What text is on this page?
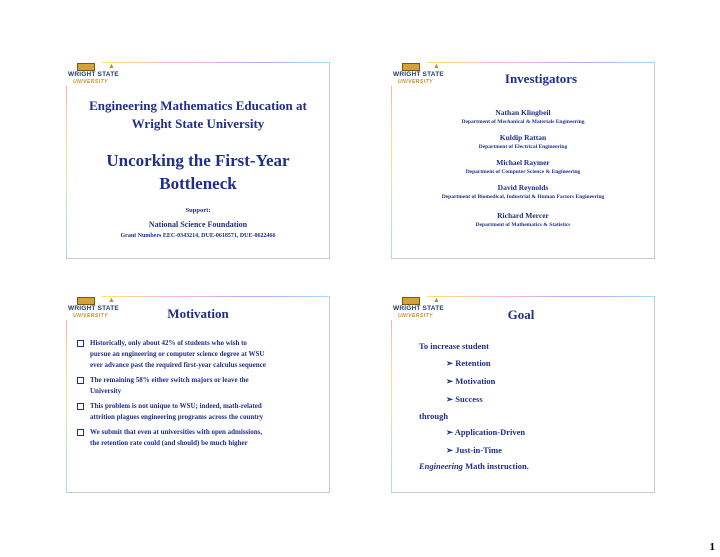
▲
WRIGHT STATE
UNIVERSITY
Engineering Mathematics Education at
Wright State University
Uncorking the First-Year
Bottleneck
Support:
National Science Foundation
Grant Numbers EEC-0343214, DUE-0618571, DUE-0622466
▲
WRIGHT STATE
UNIVERSITY	Investigators
Nathan Klingbeil
Department of Mechanical & Materials Engineering
Kuldip Rattan
Department of Electrical Engineering
Michael Raymer
Department of Computer Science & Engineering
David Reynolds
Department of Biomedical, Industrial & Human Factors Engineering
Richard Mercer
Department of Mathematics & Statistics
▲
WRIGHT STATE
UNIVERSITY	Motivation
Historically, only about 42% of students who wish to
pursue an engineering or computer science degree at WSU
ever advance past the required first-year calculus sequence
The remaining 58% either switch majors or leave the
University
This problem is not unique to WSU; indeed, math-related
attrition plagues engineering programs across the country
We submit that even at universities with open admissions,
the retention rate could (and should) be much higher
▲
WRIGHT STATE
UNIVERSITY	Goal
To increase student
➢ Retention
➢ Motivation
➢ Success
through
➢ Application-Driven
➢ Just-in-Time
Engineering Math instruction.
1
